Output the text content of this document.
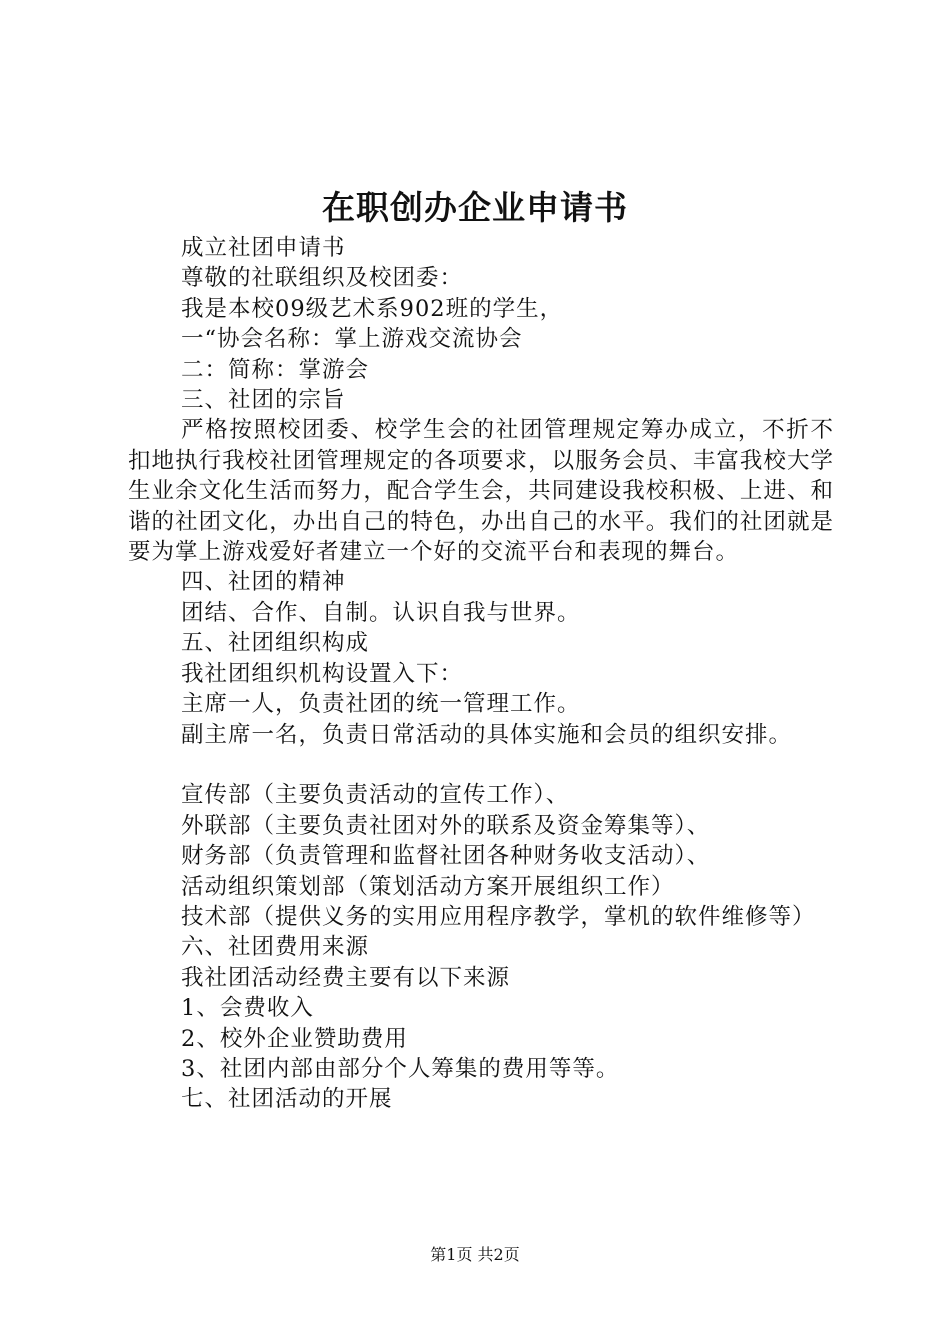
在职创办企业申请书

成立社团申请书

尊敬的社联组织及校团委：

我是本校09级艺术系902班的学生，

一“协会名称：掌上游戏交流协会

二：简称：掌游会

三、社团的宗旨

严格按照校团委、校学生会的社团管理规定筹办成立，不折不扣地执行我校社团管理规定的各项要求，以服务会员、丰富我校大学生业余文化生活而努力，配合学生会，共同建设我校积极、上进、和谐的社团文化，办出自己的特色，办出自己的水平。我们的社团就是要为掌上游戏爱好者建立一个好的交流平台和表现的舞台。

四、社团的精神

团结、合作、自制。认识自我与世界。

五、社团组织构成

我社团组织机构设置入下：

主席一人，负责社团的统一管理工作。

副主席一名，负责日常活动的具体实施和会员的组织安排。

宣传部（主要负责活动的宣传工作）、

外联部（主要负责社团对外的联系及资金筹集等）、

财务部（负责管理和监督社团各种财务收支活动）、

活动组织策划部（策划活动方案开展组织工作）

技术部（提供义务的实用应用程序教学，掌机的软件维修等）

六、社团费用来源

我社团活动经费主要有以下来源

1、会费收入

2、校外企业赞助费用

3、社团内部由部分个人筹集的费用等等。

七、社团活动的开展

第1页 共2页
